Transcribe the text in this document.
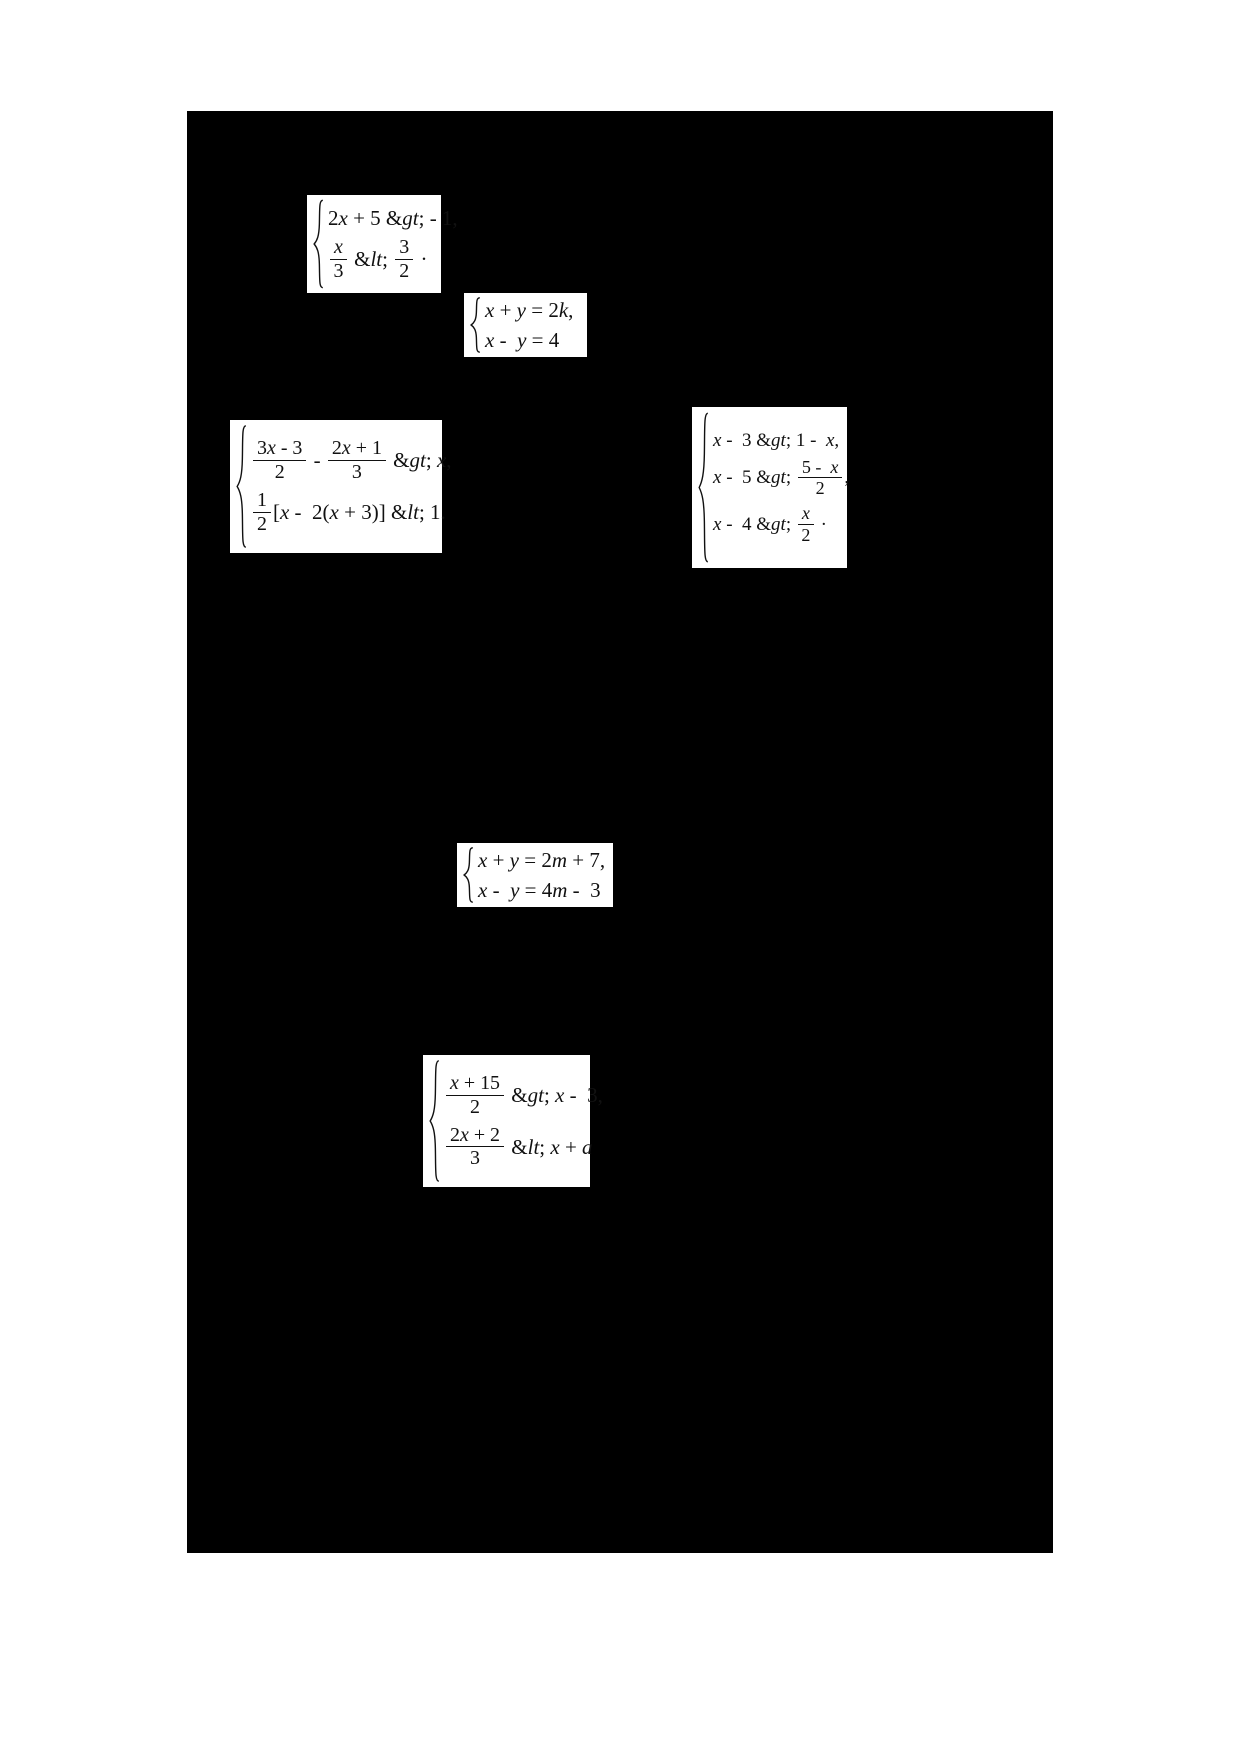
2x + 5 &gt; - 1,
$\frac{x}{3}$ &lt; $\frac{3}{2}$ ·
x + y = 2k,
x -  y = 4
$\frac{3x - 3}{2} - \frac{2x + 1}{3}$ &gt; x,
$\frac{1}{2} [x - 2(x + 3)]$ &lt; 1.
x -  3 &gt; 1 -  x,
x -  5 &gt; $\frac{5 - x}{2}$ ,
x -  4 &gt; $\frac{x}{2}$ ·
x + y = 2m + 7,
x -  y = 4m -  3
$\frac{x + 15}{2}$ &gt; x -  3,
$\frac{2x + 2}{3}$ &lt; x + a
